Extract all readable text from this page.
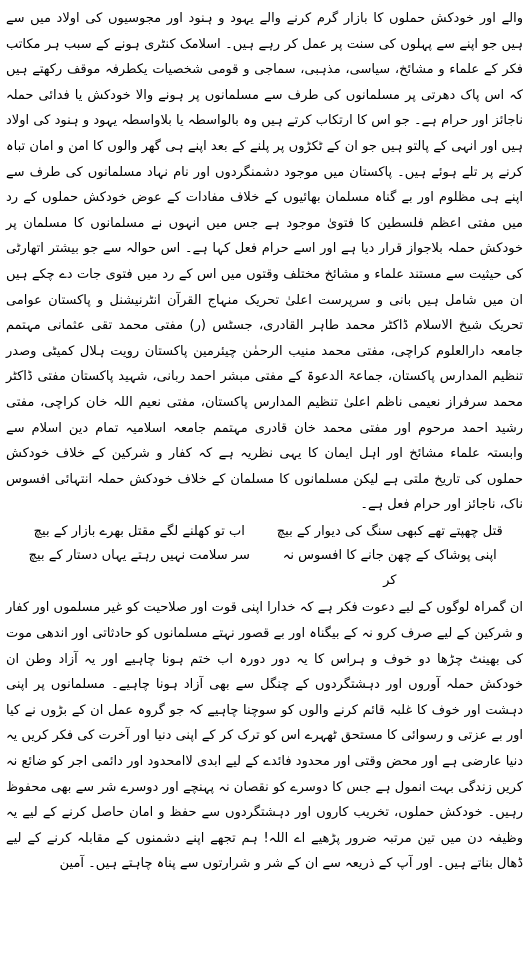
والے اور خودکش حملوں کا بازار گرم کرنے والے یہود و ہنود اور مجوسیوں کی اولاد میں سے ہیں جو اپنے سے پہلوں کی سنت پر عمل کر رہے ہیں۔ اسلامک کنٹری ہونے کے سبب ہر مکاتب فکر کے علماء و مشائخ، سیاسی، مذہبی، سماجی و قومی شخصیات یکطرفہ موقف رکھتے ہیں کہ اس پاک دھرتی پر مسلمانوں کی طرف سے مسلمانوں پر ہونے والا خودکش یا فدائی حملہ ناجائز اور حرام ہے۔ جو اس کا ارتکاب کرتے ہیں وہ بالواسطہ یا بلاواسطہ یہود و ہنود کی اولاد ہیں اور انہی کے پالتو ہیں جو ان کے ٹکڑوں پر پلنے کے بعد اپنے ہی گھر والوں کا امن و امان تباہ کرنے پر تلے ہوئے ہیں۔ پاکستان میں موجود دشمنگردوں اور نام نہاد مسلمانوں کی طرف سے اپنے ہی مظلوم اور بے گناہ مسلمان بھائیوں کے خلاف مفادات کے عوض خودکش حملوں کے رد میں مفتی اعظم فلسطین کا فتویٰ موجود ہے جس میں انہوں نے مسلمانوں کا مسلمان پر خودکش حملہ بلاجواز قرار دیا ہے اور اسے حرام فعل کہا ہے۔ اس حوالہ سے جو بیشتر اتھارٹی کی حیثیت سے مستند علماء و مشائخ مختلف وقتوں میں اس کے رد میں فتوی جات دے چکے ہیں ان میں شامل ہیں بانی و سرپرست اعلیٰ تحریک منہاج القرآن انٹرنیشنل و پاکستان عوامی تحریک شیخ الاسلام ڈاکٹر محمد طاہر القادری، جسٹس (ر) مفتی محمد تقی عثمانی مہتمم جامعہ دارالعلوم کراچی، مفتی محمد منیب الرحمٰن چیئرمین پاکستان رویت ہلال کمیٹی وصدر تنظیم المدارس پاکستان، جماعۃ الدعوۃ کے مفتی مبشر احمد ربانی، شہید پاکستان مفتی ڈاکٹر محمد سرفراز نعیمی ناظم اعلیٰ تنظیم المدارس پاکستان، مفتی نعیم اللہ خان کراچی، مفتی رشید احمد مرحوم اور مفتی محمد خان قادری مہتمم جامعہ اسلامیہ تمام دین اسلام سے وابستہ علماء مشائخ اور اہل ایمان کا یہی نظریہ ہے کہ کفار و شرکین کے خلاف خودکش حملوں کی تاریخ ملتی ہے لیکن مسلمانوں کا مسلمان کے خلاف خودکش حملہ انتہائی افسوس ناک، ناجائز اور حرام فعل ہے۔

قتل چھپتے تھے کبھی سنگ کی دیوار کے بیچ
اب تو کھلنے لگے مقتل بھرے بازار کے بیچ
اپنی پوشاک کے چھن جانے کا افسوس نہ کر
سر سلامت نہیں رہتے یہاں دستار کے بیچ

ان گمراہ لوگوں کے لیے دعوت فکر ہے کہ خدارا اپنی قوت اور صلاحیت کو غیر مسلموں اور کفار و شرکین کے لیے صرف کرو نہ کے بیگناہ اور بے قصور نہتے مسلمانوں کو حادثاتی اور اندھی موت کی بھینٹ چڑھا دو خوف و ہراس کا یہ دور دورہ اب ختم ہونا چاہیے اور یہ آزاد وطن ان خودکش حملہ آوروں اور دہشتگردوں کے چنگل سے بھی آزاد ہونا چاہیے۔ مسلمانوں پر اپنی دہشت اور خوف کا غلبہ قائم کرنے والوں کو سوچنا چاہیے کہ جو گروہ عمل ان کے بڑوں نے کیا اور بے عزتی و رسوائی کا مستحق ٹھہرے اس کو ترک کر کے اپنی دنیا اور آخرت کی فکر کریں یہ دنیا عارضی ہے اور محض وقتی اور محدود فائدے کے لیے ابدی لاامحدود اور دائمی اجر کو ضائع نہ کریں زندگی بہت انمول ہے جس کا دوسرے کو نقصان نہ پہنچے اور دوسرے شر سے بھی محفوظ رہیں۔ خودکش حملوں، تخریب کاروں اور دہشتگردوں سے حفظ و امان حاصل کرنے کے لیے یہ وظیفہ دن میں تین مرتبہ ضرور پڑھیے اے اللہ! ہم تجھے اپنے دشمنوں کے مقابلہ کرنے کے لیے ڈھال بناتے ہیں۔ اور آپ کے ذریعہ سے ان کے شر و شرارتوں سے پناہ چاہتے ہیں۔ آمین
